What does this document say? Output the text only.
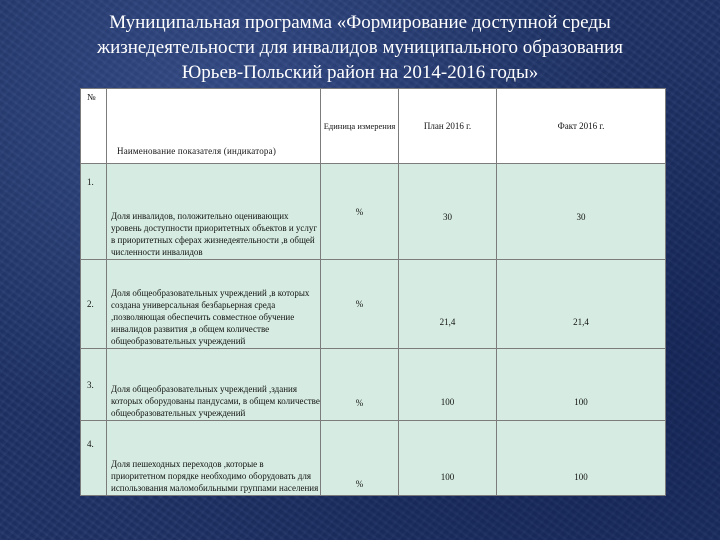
Муниципальная программа «Формирование доступной среды
жизнедеятельности для инвалидов муниципального образования
Юрьев-Польский район на 2014-2016 годы»
№	Наименование показателя (индикатора)	Единица измерения	План 2016 г.	Факт 2016 г.
1.	Доля инвалидов, положительно оценивающих уровень доступности приоритетных объектов и услуг в приоритетных сферах жизнедеятельности ,в общей численности инвалидов	%	30	30
2.	Доля общеобразовательных учреждений ,в которых создана универсальная безбарьерная среда ,позволяющая обеспечить совместное обучение инвалидов развития ,в общем количестве общеобразовательных учреждений	%	21,4	21,4
3.	Доля общеобразовательных учреждений ,здания которых оборудованы пандусами, в общем количестве общеобразовательных учреждений	%	100	100
4.	Доля пешеходных переходов ,которые в приоритетном порядке необходимо оборудовать для использования маломобильными группами населения	%	100	100
